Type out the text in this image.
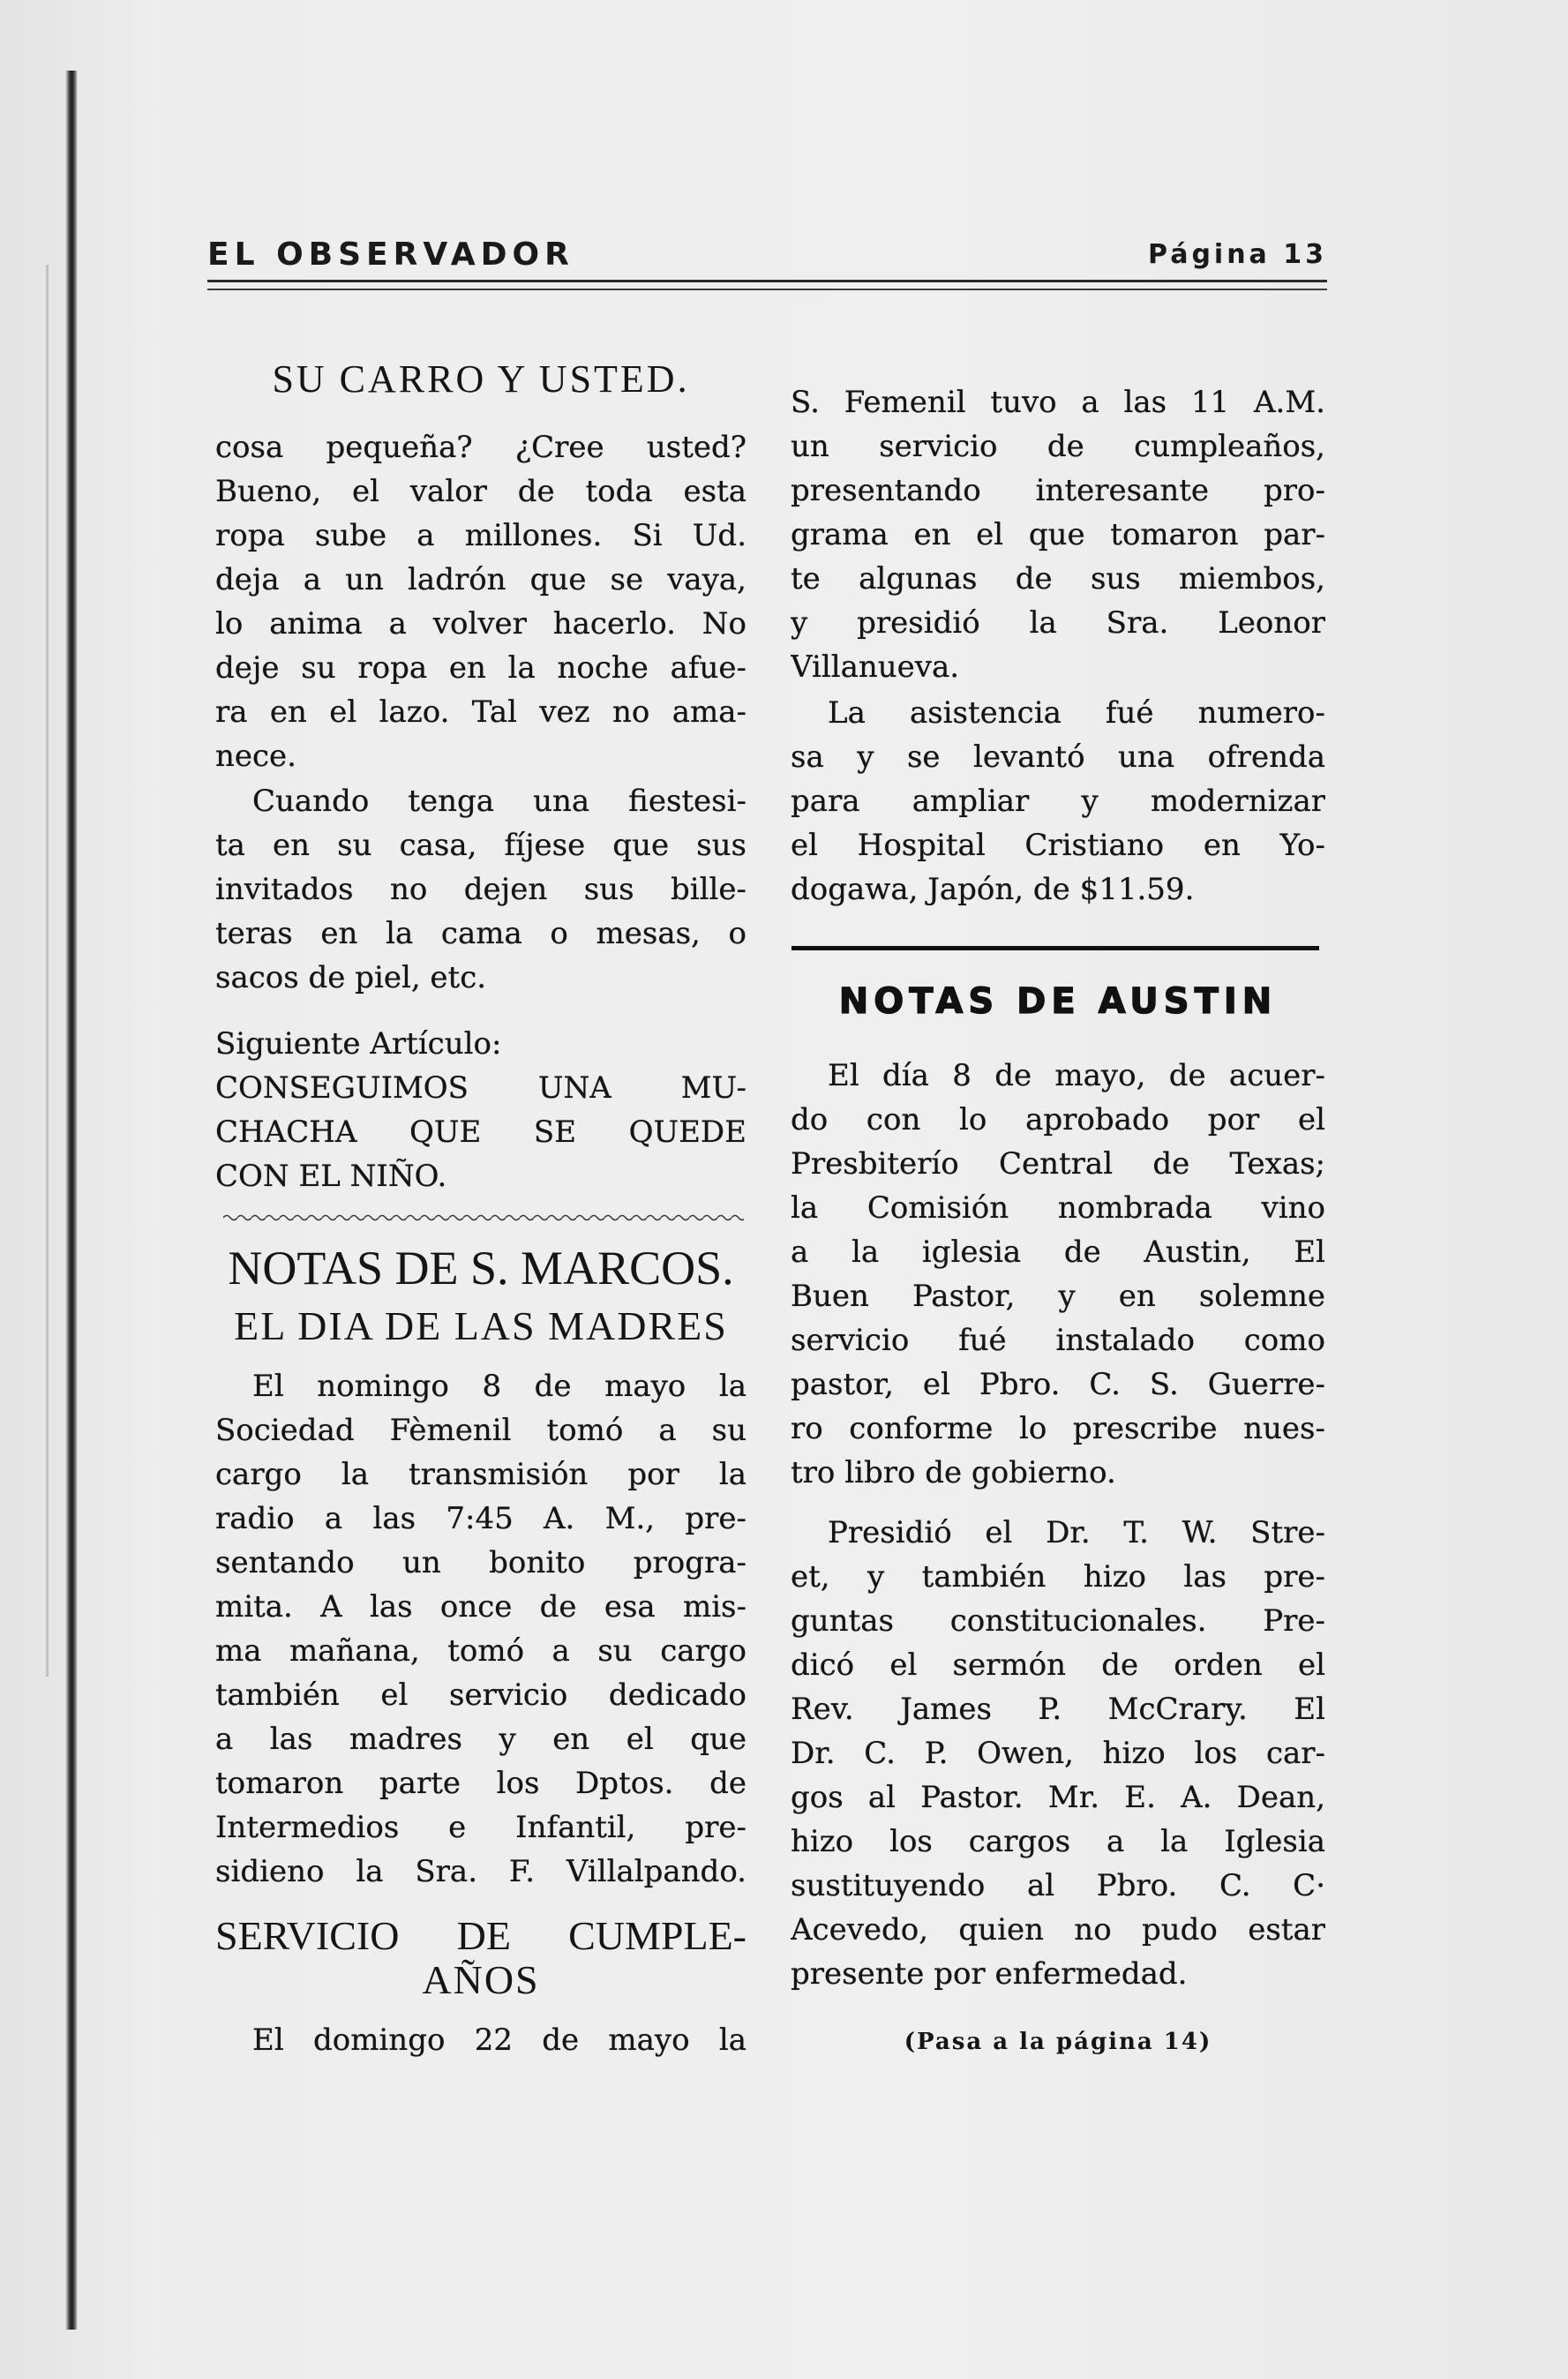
EL OBSERVADOR	Página 13
SU CARRO Y USTED.
cosa pequeña? ¿Cree usted?
Bueno, el valor de toda esta
ropa sube a millones. Si Ud.
deja a un ladrón que se vaya,
lo anima a volver hacerlo. No
deje su ropa en la noche afue-
ra en el lazo. Tal vez no ama-
nece.
Cuando tenga una fiestesi-
ta en su casa, fíjese que sus
invitados no dejen sus bille-
teras en la cama o mesas, o
sacos de piel, etc.
Siguiente Artículo:
CONSEGUIMOS UNA MU-
CHACHA QUE SE QUEDE
CON EL NIÑO.
NOTAS DE S. MARCOS.
EL DIA DE LAS MADRES
El nomingo 8 de mayo la
Sociedad Fèmenil tomó a su
cargo la transmisión por la
radio a las 7:45 A. M., pre-
sentando un bonito progra-
mita. A las once de esa mis-
ma mañana, tomó a su cargo
también el servicio dedicado
a las madres y en el que
tomaron parte los Dptos. de
Intermedios e Infantil, pre-
sidieno la Sra. F. Villalpando.
SERVICIO DE CUMPLE-
AÑOS
El domingo 22 de mayo la
S. Femenil tuvo a las 11 A.M.
un servicio de cumpleaños,
presentando interesante pro-
grama en el que tomaron par-
te algunas de sus miembos,
y presidió la Sra. Leonor
Villanueva.
La asistencia fué numero-
sa y se levantó una ofrenda
para ampliar y modernizar
el Hospital Cristiano en Yo-
dogawa, Japón, de $11.59.
NOTAS DE AUSTIN
El día 8 de mayo, de acuer-
do con lo aprobado por el
Presbiterío Central de Texas;
la Comisión nombrada vino
a la iglesia de Austin, El
Buen Pastor, y en solemne
servicio fué instalado como
pastor, el Pbro. C. S. Guerre-
ro conforme lo prescribe nues-
tro libro de gobierno.
Presidió el Dr. T. W. Stre-
et, y también hizo las pre-
guntas constitucionales. Pre-
dicó el sermón de orden el
Rev. James P. McCrary. El
Dr. C. P. Owen, hizo los car-
gos al Pastor. Mr. E. A. Dean,
hizo los cargos a la Iglesia
sustituyendo al Pbro. C. C·
Acevedo, quien no pudo estar
presente por enfermedad.
(Pasa a la página 14)
